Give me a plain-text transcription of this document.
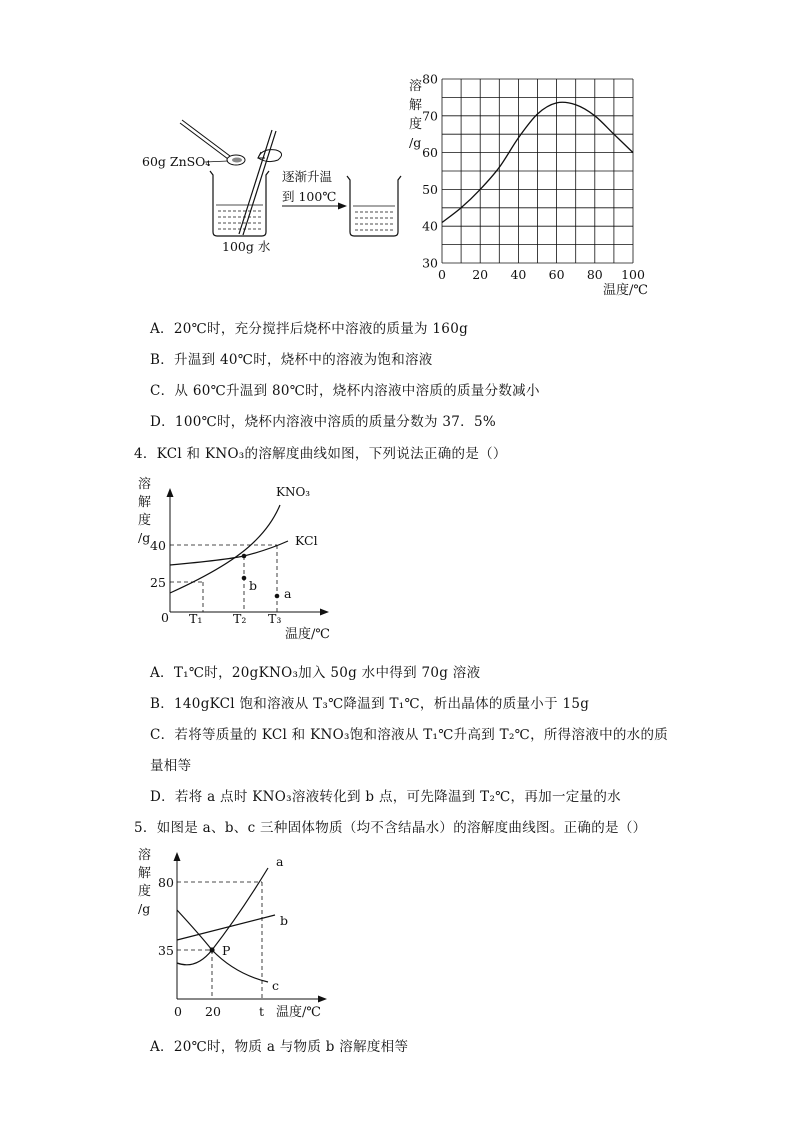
60g ZnSO₄
逐渐升温
到 100℃
100g 水
30
40
50
60
70
80
0 20 40 60 80 100
溶
解
度
/g
温度/℃
A．20℃时，充分搅拌后烧杯中溶液的质量为 160g
B．升温到 40℃时，烧杯中的溶液为饱和溶液
C．从 60℃升温到 80℃时，烧杯内溶液中溶质的质量分数减小
D．100℃时，烧杯内溶液中溶质的质量分数为 37．5%
4．KCl 和 KNO₃的溶解度曲线如图，下列说法正确的是（）
溶
解
度
/g
40
25
0 T₁ T₂ T₃
温度/℃
KNO₃
KCl
b
a
A．T₁℃时，20gKNO₃加入 50g 水中得到 70g 溶液
B．140gKCl 饱和溶液从 T₃℃降温到 T₁℃，析出晶体的质量小于 15g
C．若将等质量的 KCl 和 KNO₃饱和溶液从 T₁℃升高到 T₂℃，所得溶液中的水的质
量相等
D．若将 a 点时 KNO₃溶液转化到 b 点，可先降温到 T₂℃，再加一定量的水
5．如图是 a、b、c 三种固体物质（均不含结晶水）的溶解度曲线图。正确的是（）
溶
解
度
/g
80
35
0 20	t 温度/℃
a
b
c
P
A．20℃时，物质 a 与物质 b 溶解度相等
